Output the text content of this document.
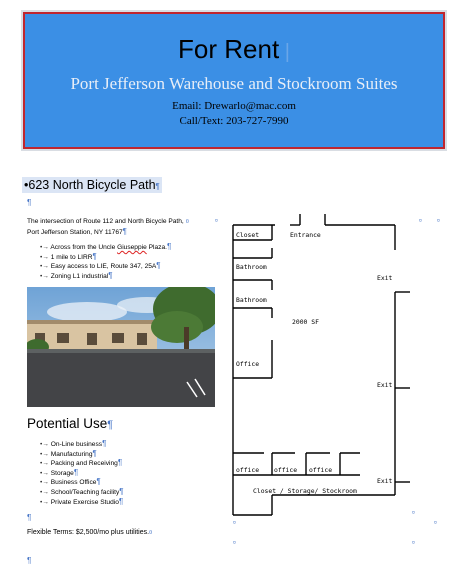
For Rent |
Port Jefferson Warehouse and Stockroom Suites
Email: Drewarlo@mac.com
Call/Text: 203-727-7990
•623 North Bicycle Path¶
¶
The intersection of Route 112 and North Bicycle Path, ¤
Port Jefferson Station, NY 11767¶
•→ Across from the Uncle Giuseppie Plaza.¶
•→ 1 mile to LIRR¶
•→ Easy access to LIE, Route 347, 25A¶
•→ Zoning L1 industrial¶
Potential Use¶
•→ On-Line business¶
•→ Manufacturing¶
•→ Packing and Receiving¶
•→ Storage¶
•→ Business Office¶
•→ School/Teaching facility¶
•→ Private Exercise Studio¶
¶
Flexible Terms: $2,500/mo plus utilities.¤
¶
Closet	Entrance
Bathroom
Bathroom
2000 SF
Office
Exit
Exit
Exit
office office office
Closet / Storage/ Stockroom
¤	¤	¤
¤
¤
¤
¤
¤
